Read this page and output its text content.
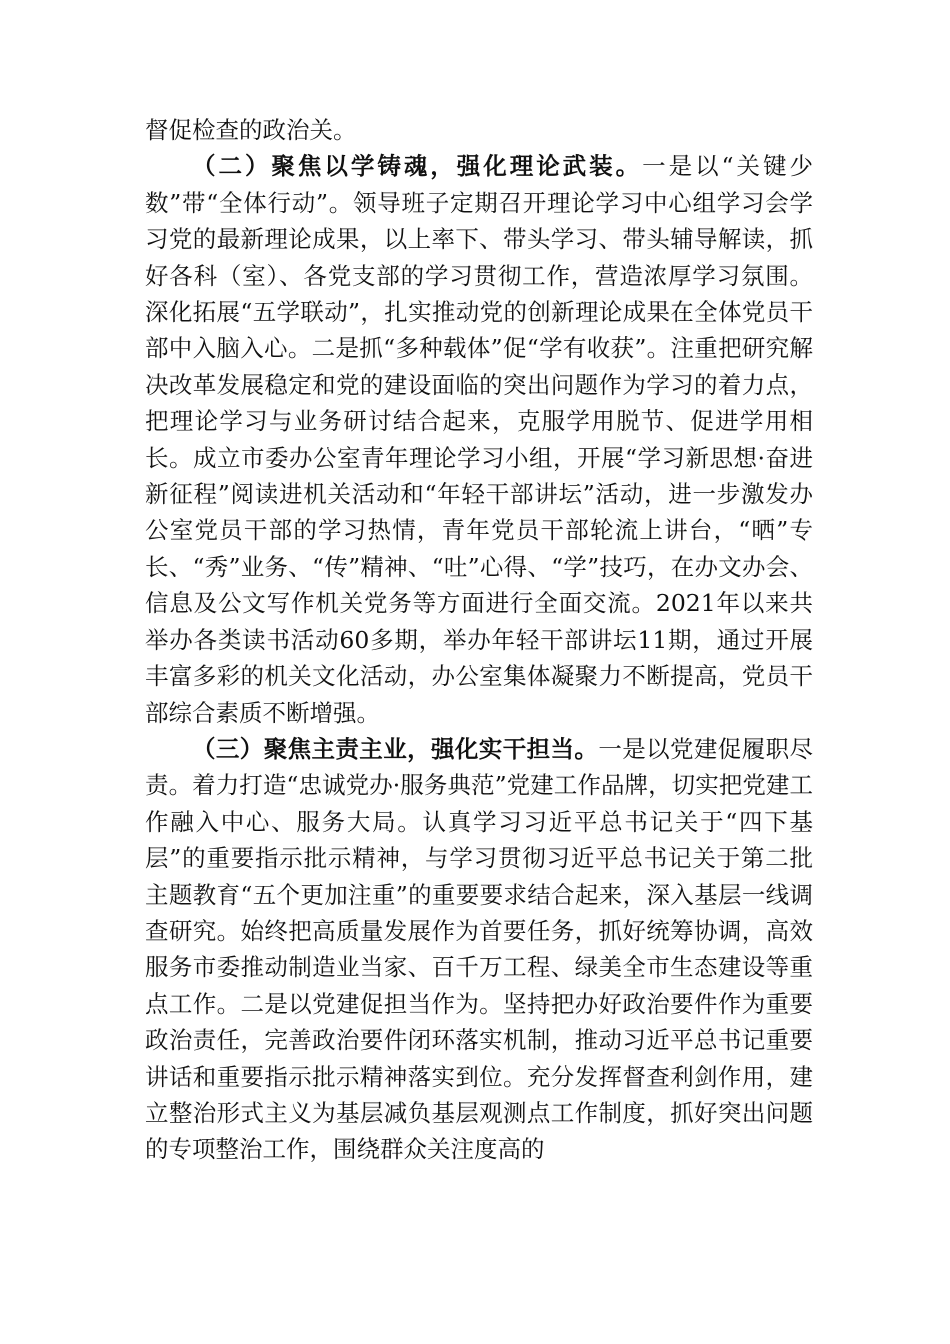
督促检查的政治关。

（二）聚焦以学铸魂，强化理论武装。一是以“关键少数”带“全体行动”。领导班子定期召开理论学习中心组学习会学习党的最新理论成果，以上率下、带头学习、带头辅导解读，抓好各科（室）、各党支部的学习贯彻工作，营造浓厚学习氛围。深化拓展“五学联动”，扎实推动党的创新理论成果在全体党员干部中入脑入心。二是抓“多种载体”促“学有收获”。注重把研究解决改革发展稳定和党的建设面临的突出问题作为学习的着力点，把理论学习与业务研讨结合起来，克服学用脱节、促进学用相长。成立市委办公室青年理论学习小组，开展“学习新思想·奋进新征程”阅读进机关活动和“年轻干部讲坛”活动，进一步激发办公室党员干部的学习热情，青年党员干部轮流上讲台，“晒”专长、“秀”业务、“传”精神、“吐”心得、“学”技巧，在办文办会、信息及公文写作机关党务等方面进行全面交流。2021年以来共举办各类读书活动60多期，举办年轻干部讲坛11期，通过开展丰富多彩的机关文化活动，办公室集体凝聚力不断提高，党员干部综合素质不断增强。

（三）聚焦主责主业，强化实干担当。一是以党建促履职尽责。着力打造“忠诚党办·服务典范”党建工作品牌，切实把党建工作融入中心、服务大局。认真学习习近平总书记关于“四下基层”的重要指示批示精神，与学习贯彻习近平总书记关于第二批主题教育“五个更加注重”的重要要求结合起来，深入基层一线调查研究。始终把高质量发展作为首要任务，抓好统筹协调，高效服务市委推动制造业当家、百千万工程、绿美全市生态建设等重点工作。二是以党建促担当作为。坚持把办好政治要件作为重要政治责任，完善政治要件闭环落实机制，推动习近平总书记重要讲话和重要指示批示精神落实到位。充分发挥督查利剑作用，建立整治形式主义为基层减负基层观测点工作制度，抓好突出问题的专项整治工作，围绕群众关注度高的
